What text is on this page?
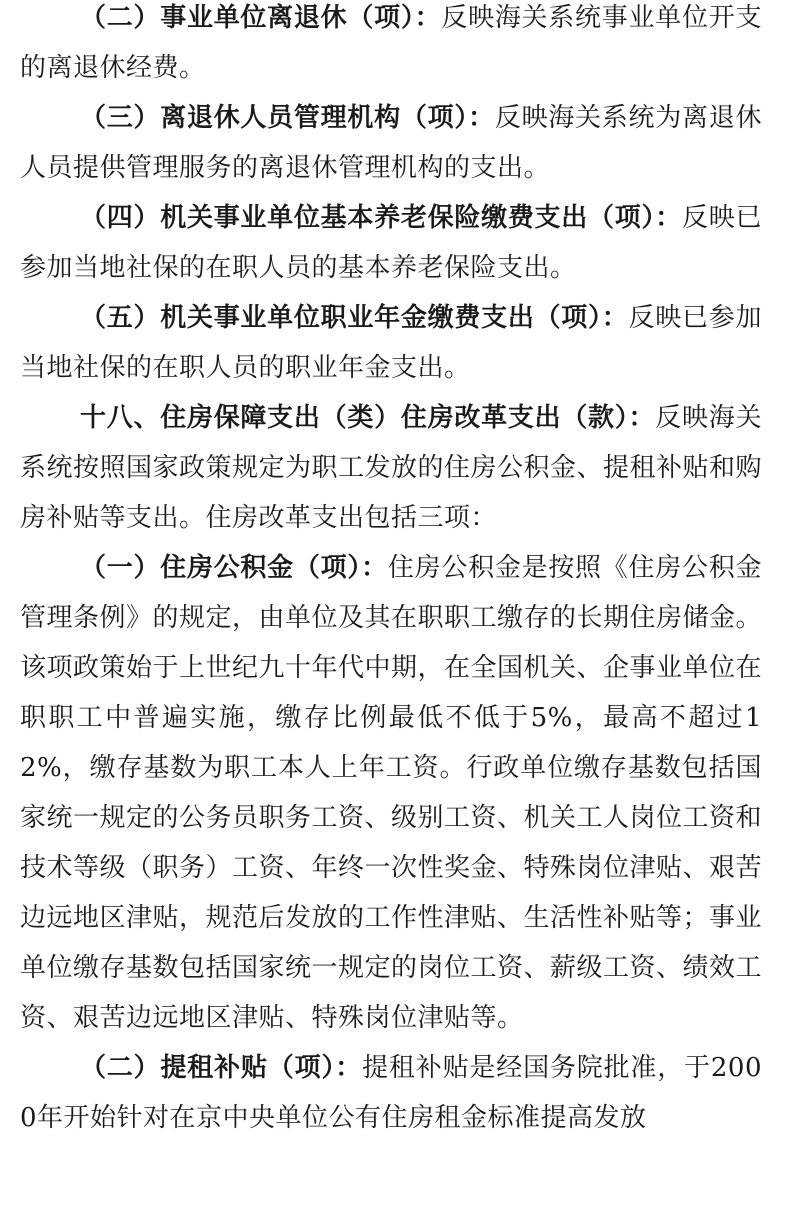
（二）事业单位离退休（项）：反映海关系统事业单位开支的离退休经费。

（三）离退休人员管理机构（项）：反映海关系统为离退休人员提供管理服务的离退休管理机构的支出。

（四）机关事业单位基本养老保险缴费支出（项）：反映已参加当地社保的在职人员的基本养老保险支出。

（五）机关事业单位职业年金缴费支出（项）：反映已参加当地社保的在职人员的职业年金支出。

十八、住房保障支出（类）住房改革支出（款）：反映海关系统按照国家政策规定为职工发放的住房公积金、提租补贴和购房补贴等支出。住房改革支出包括三项：

（一）住房公积金（项）：住房公积金是按照《住房公积金管理条例》的规定，由单位及其在职职工缴存的长期住房储金。该项政策始于上世纪九十年代中期，在全国机关、企事业单位在职职工中普遍实施，缴存比例最低不低于5%，最高不超过12%，缴存基数为职工本人上年工资。行政单位缴存基数包括国家统一规定的公务员职务工资、级别工资、机关工人岗位工资和技术等级（职务）工资、年终一次性奖金、特殊岗位津贴、艰苦边远地区津贴，规范后发放的工作性津贴、生活性补贴等；事业单位缴存基数包括国家统一规定的岗位工资、薪级工资、绩效工资、艰苦边远地区津贴、特殊岗位津贴等。

（二）提租补贴（项）：提租补贴是经国务院批准，于2000年开始针对在京中央单位公有住房租金标准提高发放
